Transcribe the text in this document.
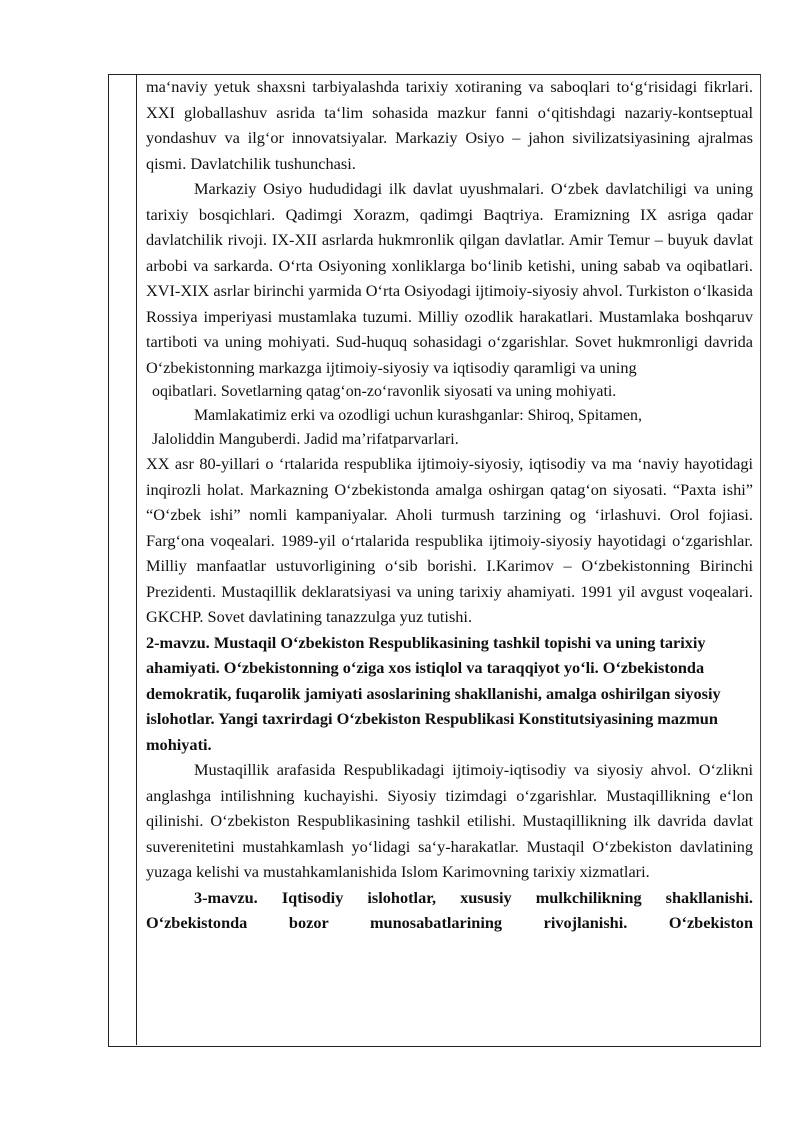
ma‘naviy yetuk shaxsni tarbiyalashda tarixiy xotiraning va saboqlari to‘g‘risidagi fikrlari. XXI globallashuv asrida ta‘lim sohasida mazkur fanni o‘qitishdagi nazariy-kontseptual yondashuv va ilg‘or innovatsiyalar. Markaziy Osiyo – jahon sivilizatsiyasining ajralmas qismi. Davlatchilik tushunchasi.

Markaziy Osiyo hududidagi ilk davlat uyushmalari. O‘zbek davlatchiligi va uning tarixiy bosqichlari. Qadimgi Xorazm, qadimgi Baqtriya. Eramizning IX asriga qadar davlatchilik rivoji. IX-XII asrlarda hukmronlik qilgan davlatlar. Amir Temur – buyuk davlat arbobi va sarkarda. O‘rta Osiyoning xonliklarga bo‘linib ketishi, uning sabab va oqibatlari. XVI-XIX asrlar birinchi yarmida O‘rta Osiyodagi ijtimoiy-siyosiy ahvol. Turkiston o‘lkasida Rossiya imperiyasi mustamlaka tuzumi. Milliy ozodlik harakatlari. Mustamlaka boshqaruv tartiboti va uning mohiyati. Sud-huquq sohasidagi o‘zgarishlar. Sovet hukmronligi davrida O‘zbekistonning markazga ijtimoiy-siyosiy va iqtisodiy qaramligi va uning

oqibatlari. Sovetlarning qatag‘on-zo‘ravonlik siyosati va uning mohiyati.

Mamlakatimiz erki va ozodligi uchun kurashganlar: Shiroq, Spitamen,

Jaloliddin Manguberdi. Jadid ma’rifatparvarlari.

XX asr 80-yillari o ‘rtalarida respublika ijtimoiy-siyosiy, iqtisodiy va ma ‘naviy hayotidagi inqirozli holat. Markazning O‘zbekistonda amalga oshirgan qatag‘on siyosati. “Paxta ishi” “O‘zbek ishi” nomli kampaniyalar. Aholi turmush tarzining og ‘irlashuvi. Orol fojiasi. Farg‘ona voqealari. 1989-yil o‘rtalarida respublika ijtimoiy-siyosiy hayotidagi o‘zgarishlar. Milliy manfaatlar ustuvorligining o‘sib borishi. I.Karimov – O‘zbekistonning Birinchi Prezidenti. Mustaqillik deklaratsiyasi va uning tarixiy ahamiyati. 1991 yil avgust voqealari. GKCHP. Sovet davlatining tanazzulga yuz tutishi.

2-mavzu. Mustaqil O‘zbekiston Respublikasining tashkil topishi va uning tarixiy ahamiyati. O‘zbekistonning o‘ziga xos istiqlol va taraqqiyot yo‘li. O‘zbekistonda demokratik, fuqarolik jamiyati asoslarining shakllanishi, amalga oshirilgan siyosiy islohotlar. Yangi taxrirdagi O‘zbekiston Respublikasi Konstitutsiyasining mazmun mohiyati.

Mustaqillik arafasida Respublikadagi ijtimoiy-iqtisodiy va siyosiy ahvol. O‘zlikni anglashga intilishning kuchayishi. Siyosiy tizimdagi o‘zgarishlar. Mustaqillikning e‘lon qilinishi. O‘zbekiston Respublikasining tashkil etilishi. Mustaqillikning ilk davrida davlat suverenitetini mustahkamlash yo‘lidagi sa‘y-harakatlar. Mustaqil O‘zbekiston davlatining yuzaga kelishi va mustahkamlanishida Islom Karimovning tarixiy xizmatlari.

3-mavzu. Iqtisodiy islohotlar, xususiy mulkchilikning shakllanishi. O‘zbekistonda bozor munosabatlarining rivojlanishi. O‘zbekiston
